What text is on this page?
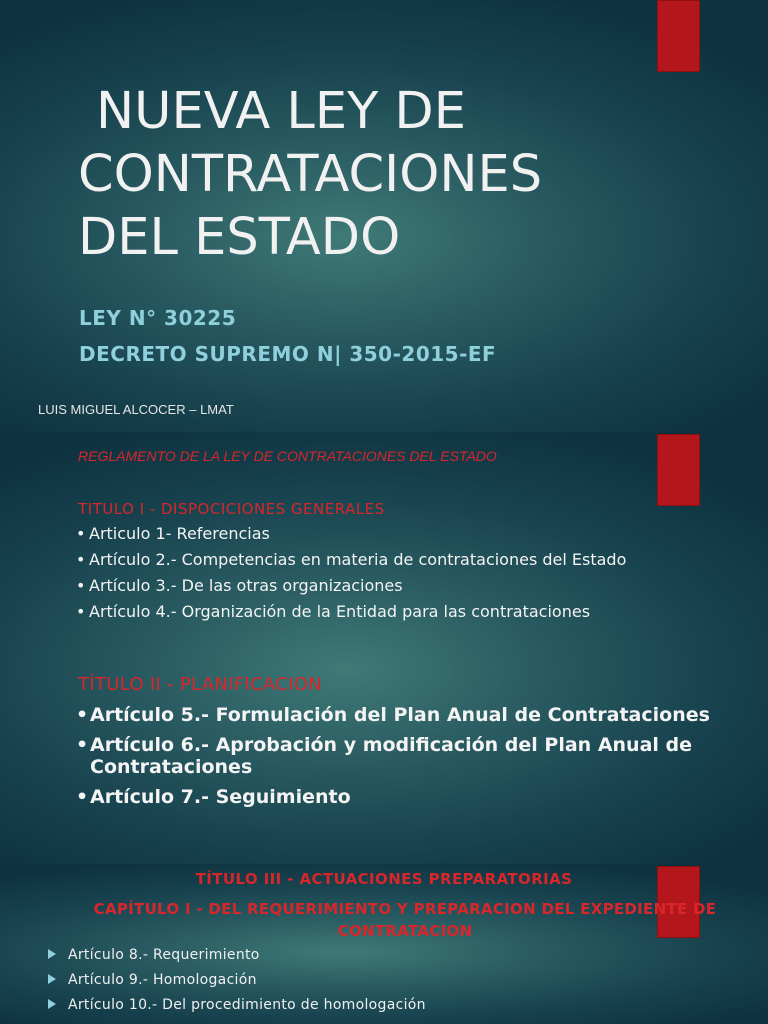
NUEVA LEY DE
CONTRATACIONES
DEL ESTADO
LEY N° 30225
DECRETO SUPREMO N| 350-2015-EF
LUIS MIGUEL ALCOCER – LMAT
REGLAMENTO DE LA LEY DE CONTRATACIONES DEL ESTADO
TITULO I - DISPOCICIONES GENERALES
• Articulo 1- Referencias
• Artículo 2.- Competencias en materia de contrataciones del Estado
• Artículo 3.- De las otras organizaciones
• Artículo 4.- Organización de la Entidad para las contrataciones
TÍTULO II - PLANIFICACION
• Artículo 5.- Formulación del Plan Anual de Contrataciones
• Artículo 6.- Aprobación y modificación del Plan Anual de Contrataciones
• Artículo 7.- Seguimiento
TÍTULO III - ACTUACIONES PREPARATORIAS
CAPÍTULO I - DEL REQUERIMIENTO Y PREPARACION DEL EXPEDIENTE DE CONTRATACION
Artículo 8.- Requerimiento
Artículo 9.- Homologación
Artículo 10.- Del procedimiento de homologación
